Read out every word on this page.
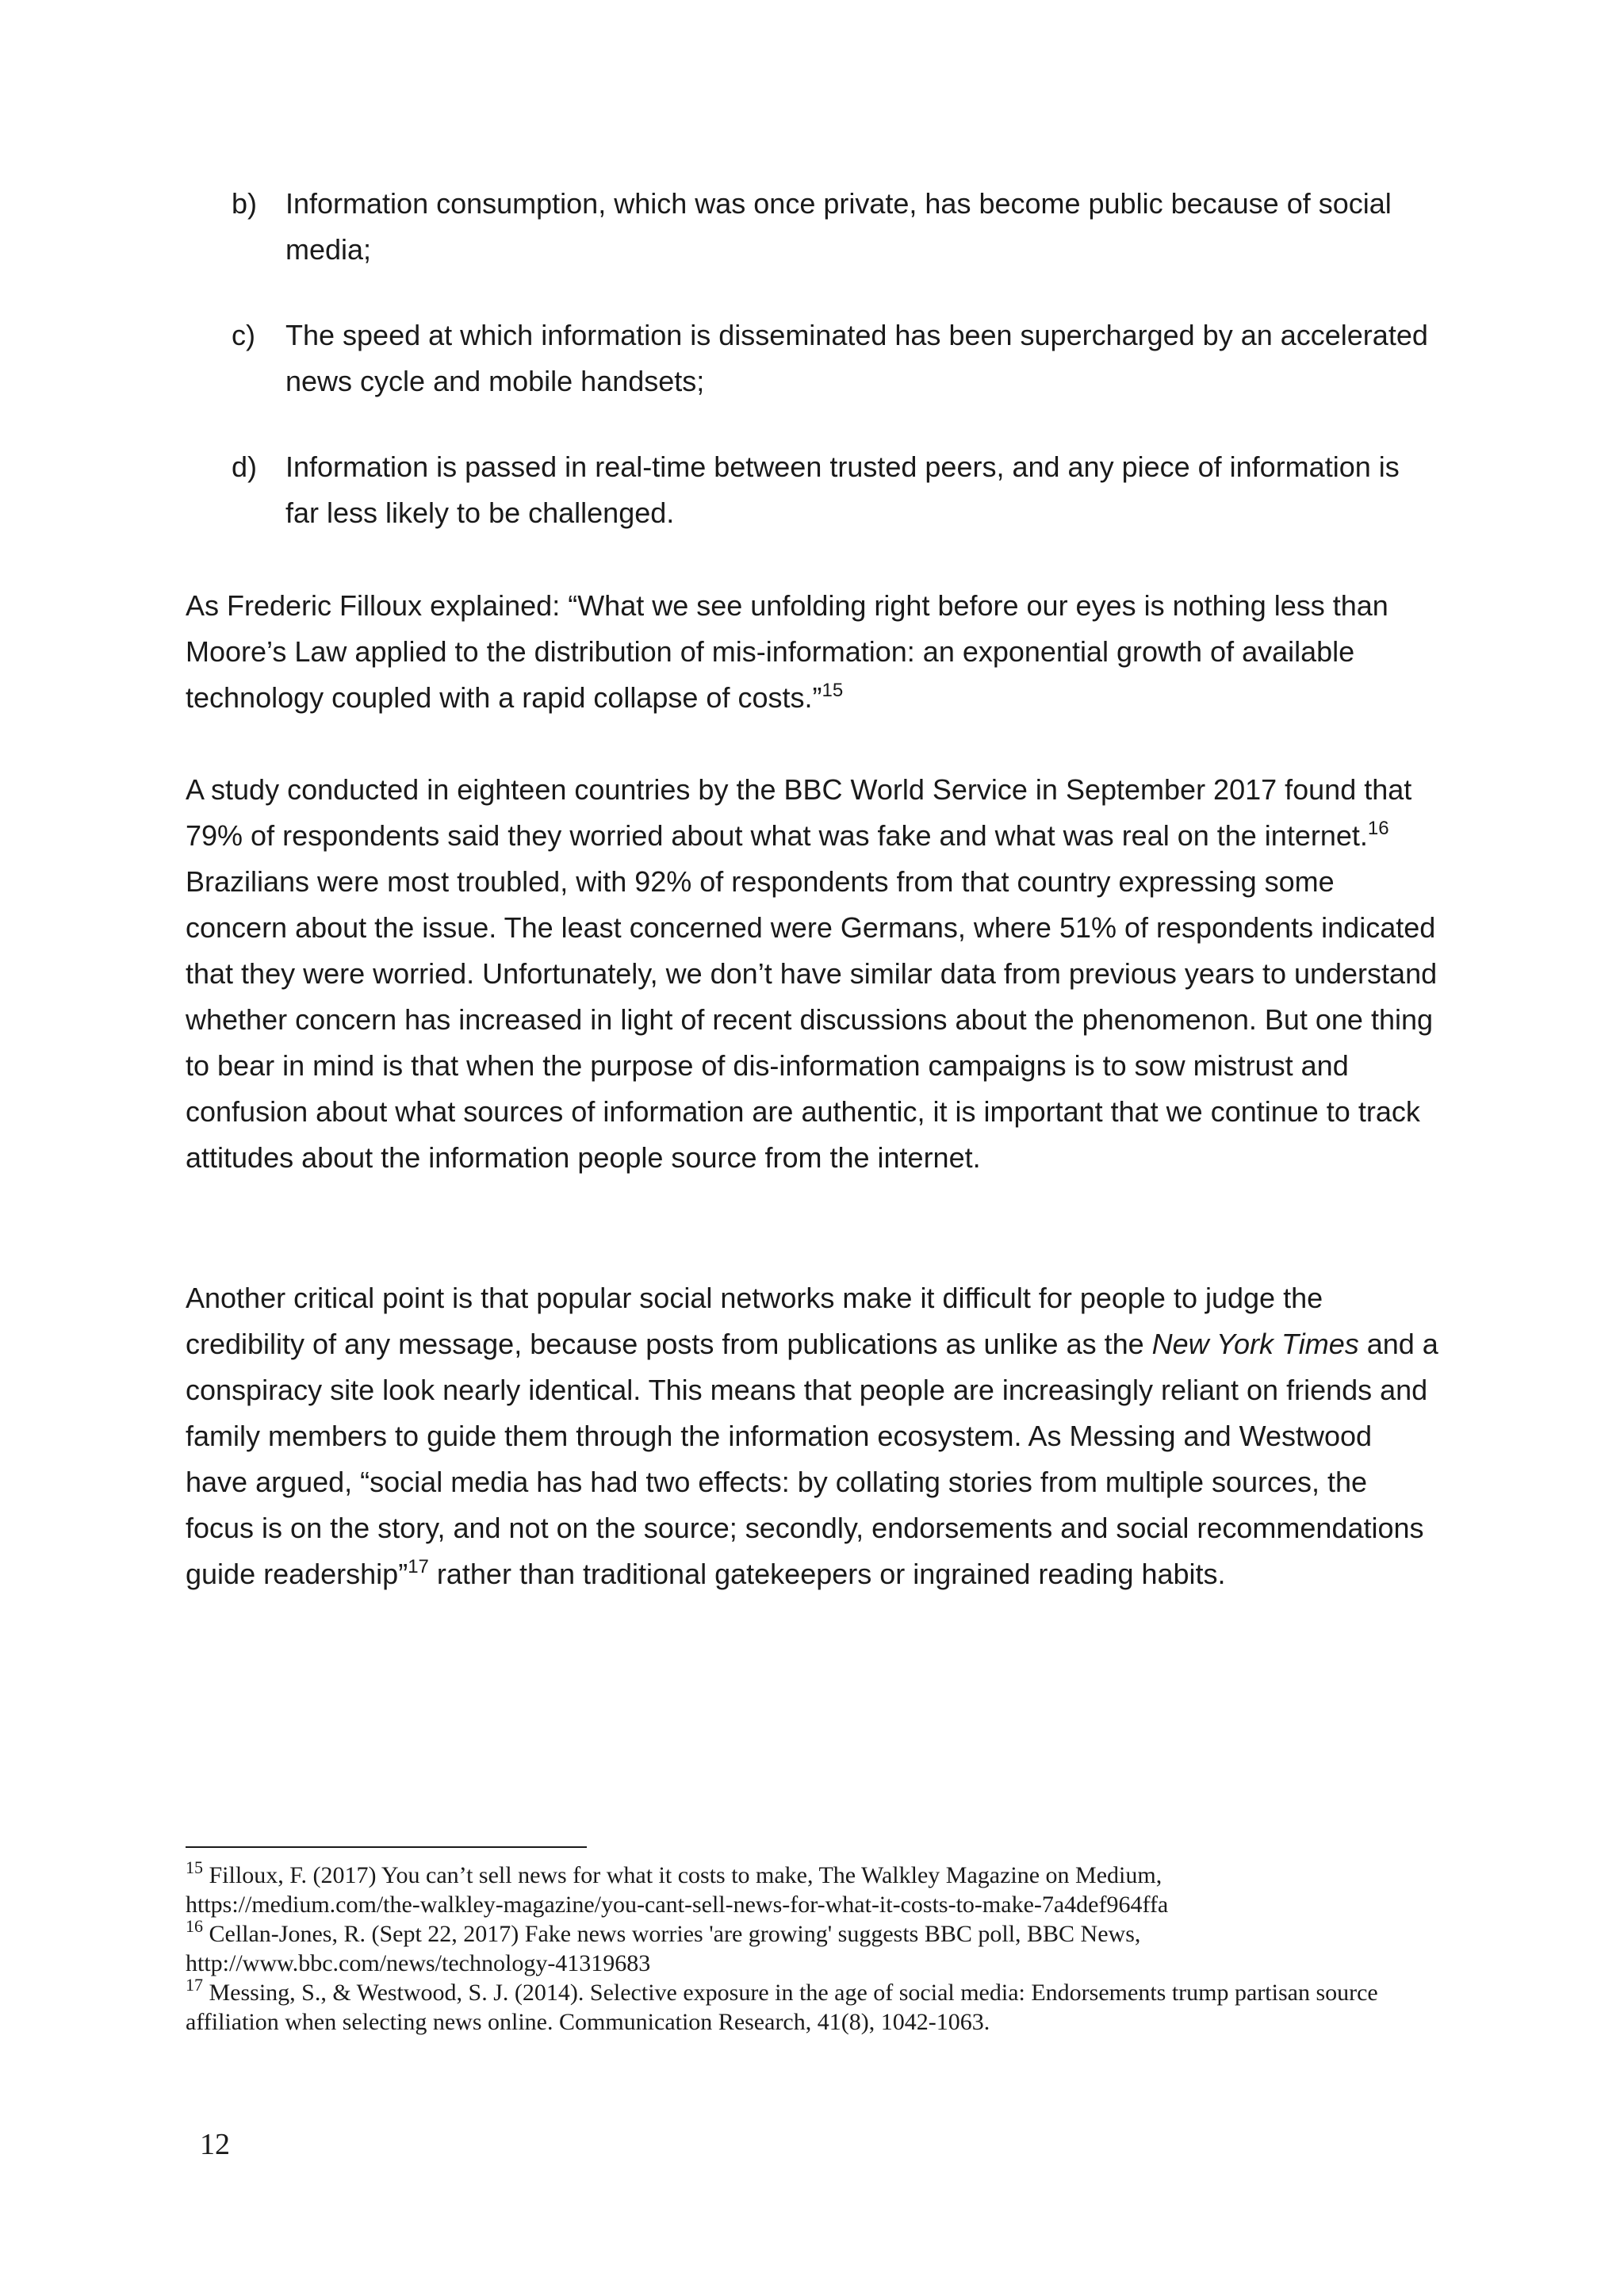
b) Information consumption, which was once private, has become public because of social media;
c) The speed at which information is disseminated has been supercharged by an accelerated news cycle and mobile handsets;
d) Information is passed in real-time between trusted peers, and any piece of information is far less likely to be challenged.

As Frederic Filloux explained: “What we see unfolding right before our eyes is nothing less than Moore’s Law applied to the distribution of mis-information: an exponential growth of available technology coupled with a rapid collapse of costs.”$^{15}$

A study conducted in eighteen countries by the BBC World Service in September 2017 found that 79% of respondents said they worried about what was fake and what was real on the internet.$^{16}$ Brazilians were most troubled, with 92% of respondents from that country expressing some concern about the issue. The least concerned were Germans, where 51% of respondents indicated that they were worried. Unfortunately, we don’t have similar data from previous years to understand whether concern has increased in light of recent discussions about the phenomenon. But one thing to bear in mind is that when the purpose of dis-information campaigns is to sow mistrust and confusion about what sources of information are authentic, it is important that we continue to track attitudes about the information people source from the internet.

Another critical point is that popular social networks make it difficult for people to judge the credibility of any message, because posts from publications as unlike as the New York Times and a conspiracy site look nearly identical. This means that people are increasingly reliant on friends and family members to guide them through the information ecosystem. As Messing and Westwood have argued, “social media has had two effects: by collating stories from multiple sources, the focus is on the story, and not on the source; secondly, endorsements and social recommendations guide readership”$^{17}$ rather than traditional gatekeepers or ingrained reading habits.

$^{15}$ Filloux, F. (2017) You can’t sell news for what it costs to make, The Walkley Magazine on Medium,
https://medium.com/the-walkley-magazine/you-cant-sell-news-for-what-it-costs-to-make-7a4def964ffa
$^{16}$ Cellan-Jones, R. (Sept 22, 2017) Fake news worries 'are growing' suggests BBC poll, BBC News,
http://www.bbc.com/news/technology-41319683
$^{17}$ Messing, S., & Westwood, S. J. (2014). Selective exposure in the age of social media: Endorsements trump partisan source affiliation when selecting news online. Communication Research, 41(8), 1042-1063.
12
